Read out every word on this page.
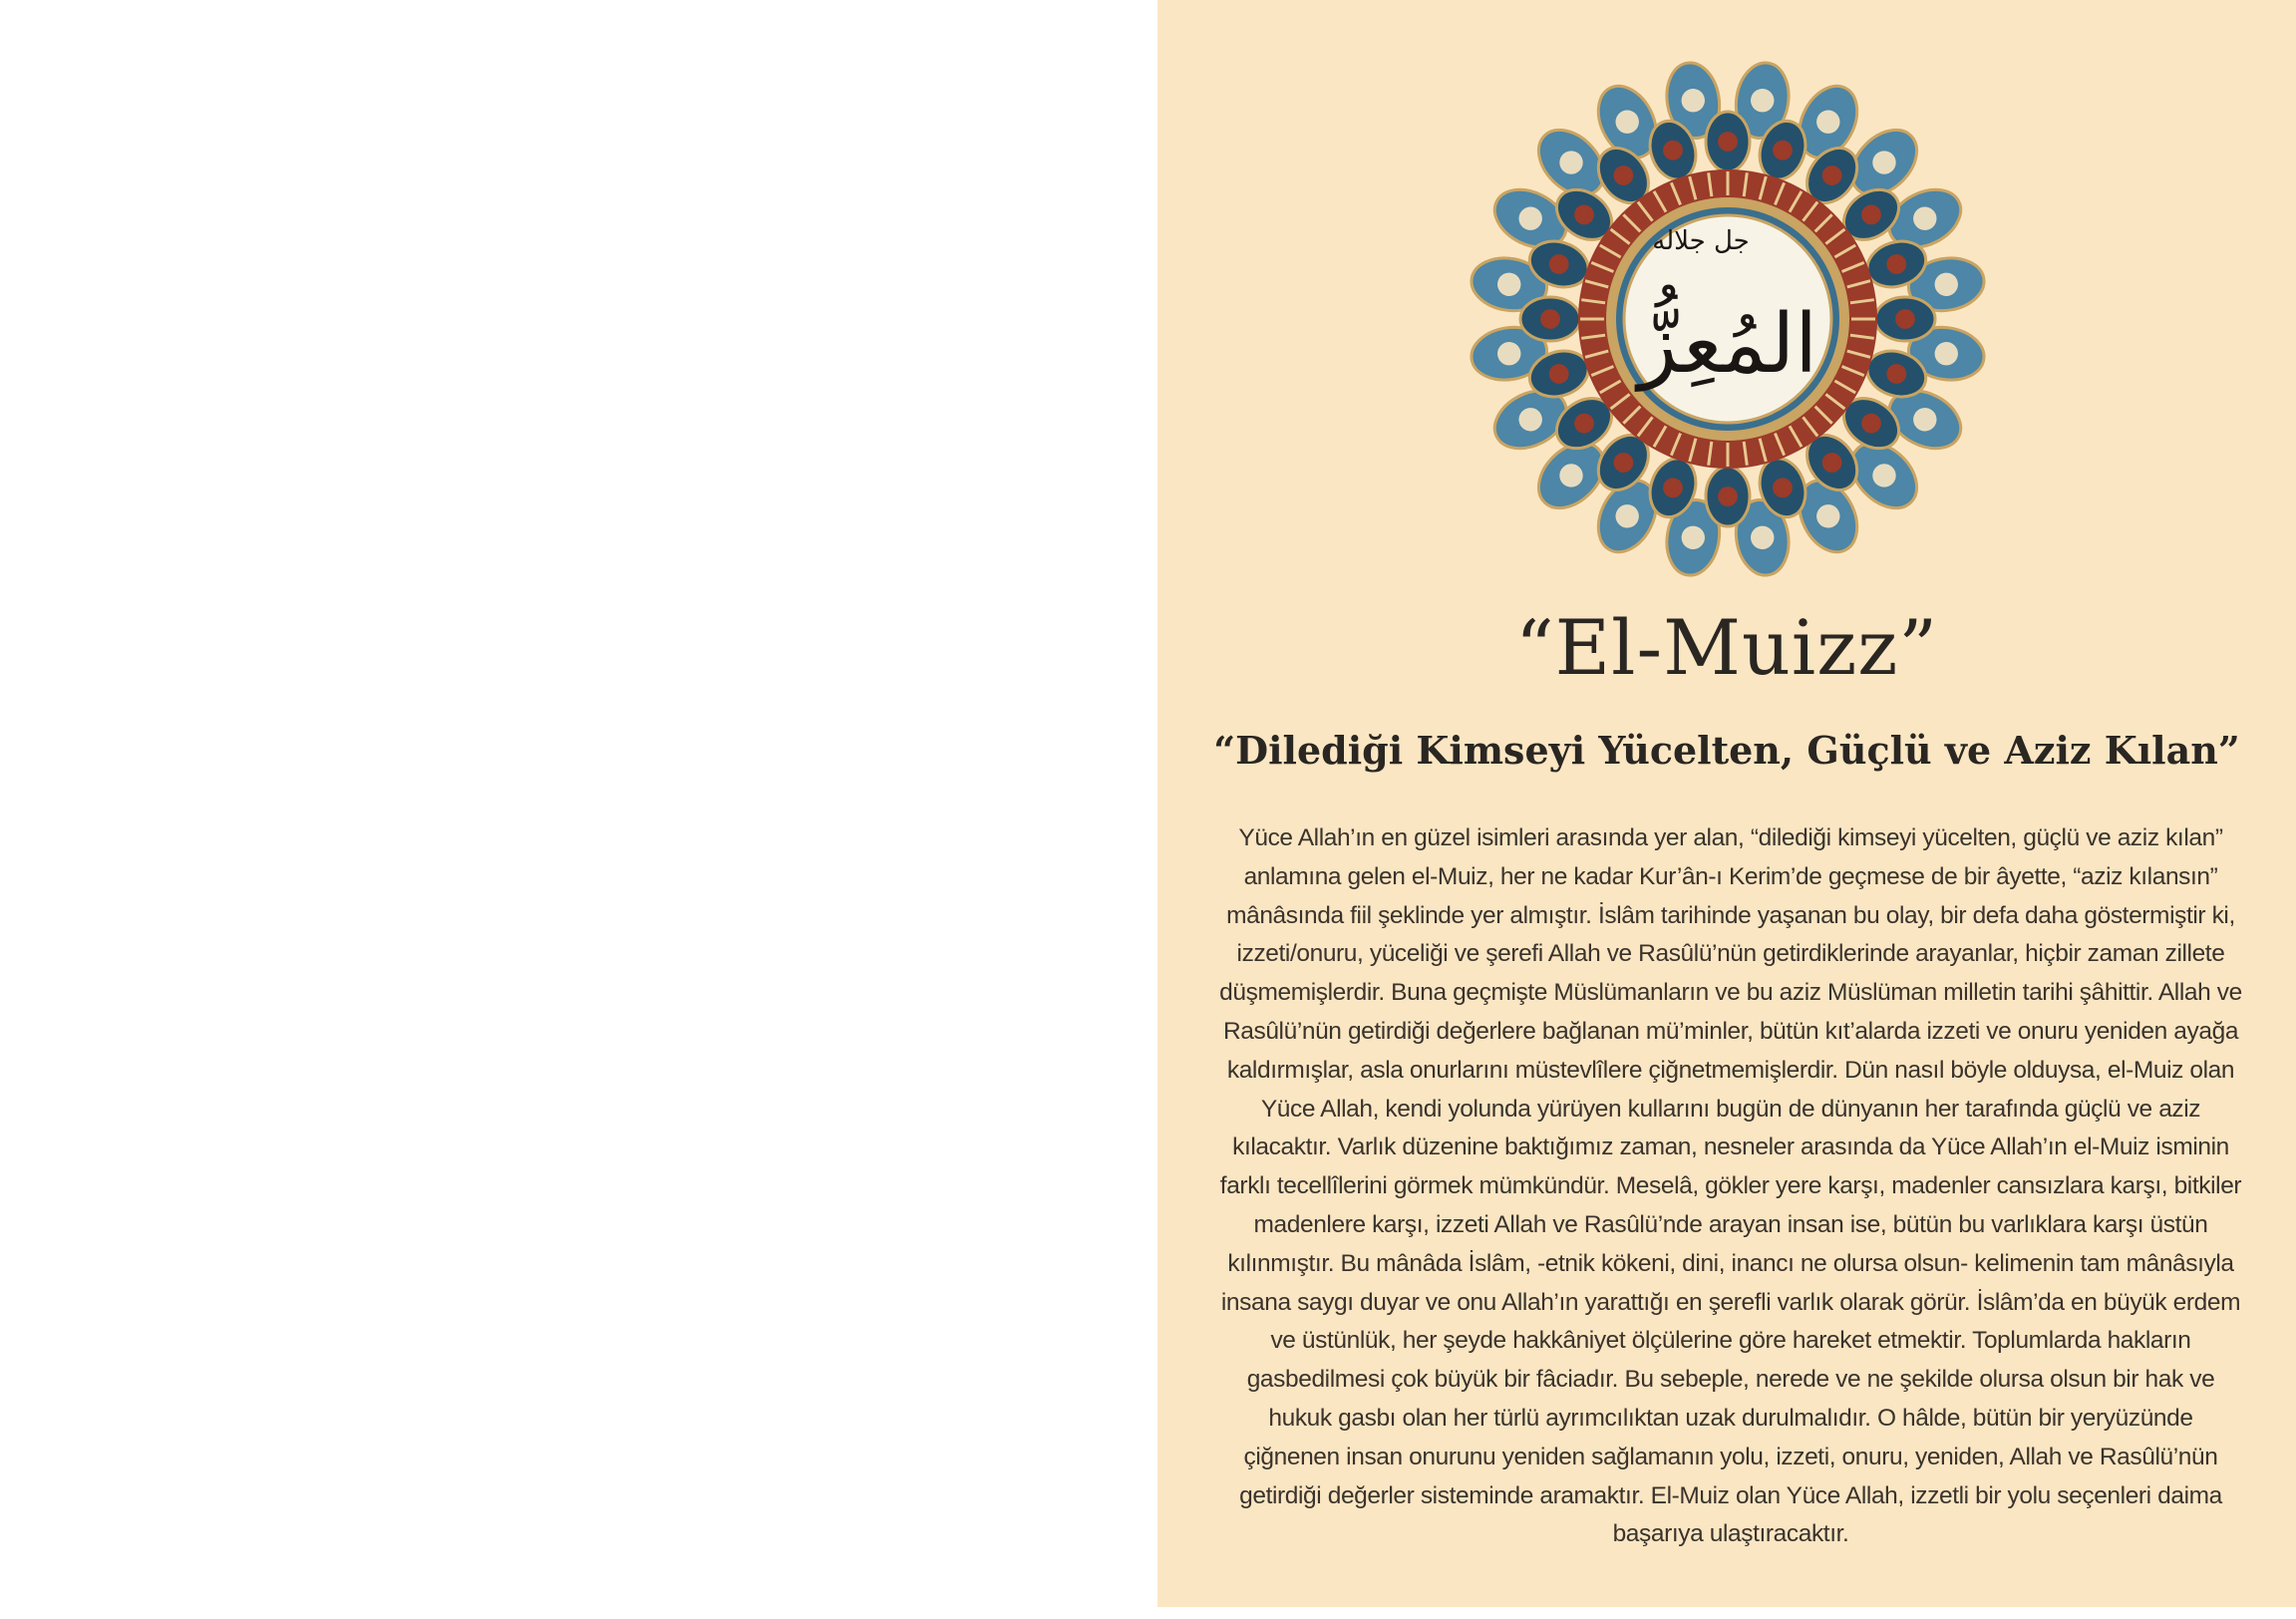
جل جلاله
المُعِزُّ
“El-Muizz”
“Dilediği Kimseyi Yücelten, Güçlü ve Aziz Kılan”

Yüce Allah’ın en güzel isimleri arasında yer alan, “dilediği kimseyi yücelten, güçlü ve aziz kılan” anlamına gelen el-Muiz, her ne kadar Kur’ân-ı Kerim’de geçmese de bir âyette, “aziz kılansın” mânâsında fiil şeklinde yer almıştır. İslâm tarihinde yaşanan bu olay, bir defa daha göstermiştir ki, izzeti/onuru, yüceliği ve şerefi Allah ve Rasûlü’nün getirdiklerinde arayanlar, hiçbir zaman zillete düşmemişlerdir. Buna geçmişte Müslümanların ve bu aziz Müslüman milletin tarihi şâhittir. Allah ve Rasûlü’nün getirdiği değerlere bağlanan mü’minler, bütün kıt’alarda izzeti ve onuru yeniden ayağa kaldırmışlar, asla onurlarını müstevlîlere çiğnetmemişlerdir. Dün nasıl böyle olduysa, el-Muiz olan Yüce Allah, kendi yolunda yürüyen kullarını bugün de dünyanın her tarafında güçlü ve aziz kılacaktır. Varlık düzenine baktığımız zaman, nesneler arasında da Yüce Allah’ın el-Muiz isminin farklı tecellîlerini görmek mümkündür. Meselâ, gökler yere karşı, madenler cansızlara karşı, bitkiler madenlere karşı, izzeti Allah ve Rasûlü’nde arayan insan ise, bütün bu varlıklara karşı üstün kılınmıştır. Bu mânâda İslâm, -etnik kökeni, dini, inancı ne olursa olsun- kelimenin tam mânâsıyla insana saygı duyar ve onu Allah’ın yarattığı en şerefli varlık olarak görür. İslâm’da en büyük erdem ve üstünlük, her şeyde hakkâniyet ölçülerine göre hareket etmektir. Toplumlarda hakların gasbedilmesi çok büyük bir fâciadır. Bu sebeple, nerede ve ne şekilde olursa olsun bir hak ve hukuk gasbı olan her türlü ayrımcılıktan uzak durulmalıdır. O hâlde, bütün bir yeryüzünde çiğnenen insan onurunu yeniden sağlamanın yolu, izzeti, onuru, yeniden, Allah ve Rasûlü’nün getirdiği değerler sisteminde aramaktır. El-Muiz olan Yüce Allah, izzetli bir yolu seçenleri daima başarıya ulaştıracaktır.
